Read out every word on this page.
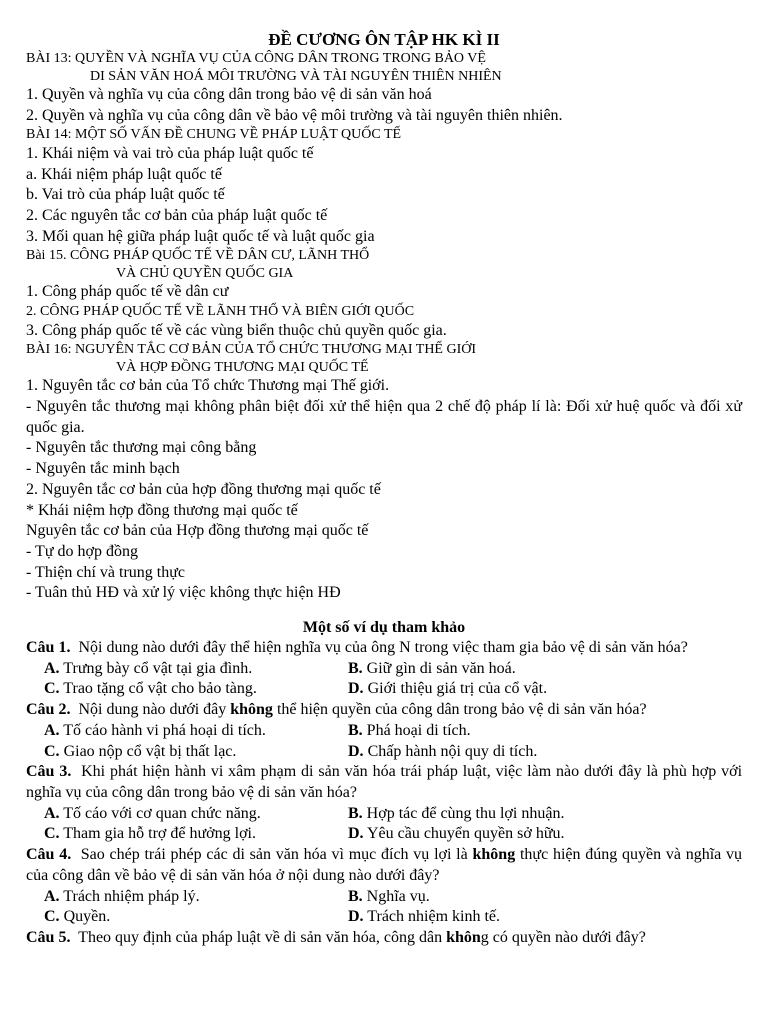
ĐỀ CƯƠNG ÔN TẬP HK KÌ II

BÀI 13: QUYỀN VÀ NGHĨA VỤ CỦA CÔNG DÂN TRONG TRONG BẢO VỆ

DI SẢN VĂN HOÁ MÔI TRƯỜNG VÀ TÀI NGUYÊN THIÊN NHIÊN

1. Quyền và nghĩa vụ của công dân trong bảo vệ di sản văn hoá

2. Quyền và nghĩa vụ của công dân về bảo vệ môi trường và tài nguyên thiên nhiên.

BÀI 14: MỘT SỐ VẤN ĐỀ CHUNG VỀ PHÁP LUẬT QUỐC TẾ

1. Khái niệm và vai trò của pháp luật quốc tế

a. Khái niệm pháp luật quốc tế

b. Vai trò của pháp luật quốc tế

2. Các nguyên tắc cơ bản của pháp luật quốc tế

3. Mối quan hệ giữa pháp luật quốc tế và luật quốc gia

Bài 15. CÔNG PHÁP QUỐC TẾ VỀ DÂN CƯ, LÃNH THỔ

VÀ CHỦ QUYỀN QUỐC GIA

1. Công pháp quốc tế về dân cư

2. CÔNG PHÁP QUỐC TẾ VỀ LÃNH THỔ VÀ BIÊN GIỚI QUỐC

3. Công pháp quốc tế về các vùng biển thuộc chủ quyền quốc gia.

BÀI 16: NGUYÊN TẮC CƠ BẢN CỦA TỔ CHỨC THƯƠNG MẠI THẾ GIỚI

VÀ HỢP ĐỒNG THƯƠNG MẠI QUỐC TẾ

1. Nguyên tắc cơ bản của Tổ chức Thương mại Thế giới.

- Nguyên tắc thương mại không phân biệt đối xử thể hiện qua 2 chế độ pháp lí là: Đối xử huệ quốc và đối xử quốc gia.

- Nguyên tắc thương mại công bằng

- Nguyên tắc minh bạch

2. Nguyên tắc cơ bản của hợp đồng thương mại quốc tế

* Khái niệm hợp đồng thương mại quốc tế

Nguyên tắc cơ bản của Hợp đồng thương mại quốc tế

- Tự do hợp đồng

- Thiện chí và trung thực

- Tuân thủ HĐ và xử lý việc không thực hiện HĐ

Một số ví dụ tham khảo

Câu 1. Nội dung nào dưới đây thể hiện nghĩa vụ của ông N trong việc tham gia bảo vệ di sản văn hóa?

A. Trưng bày cổ vật tại gia đình.	B. Giữ gìn di sản văn hoá.
C. Trao tặng cổ vật cho bảo tàng.	D. Giới thiệu giá trị của cổ vật.

Câu 2. Nội dung nào dưới đây không thể hiện quyền của công dân trong bảo vệ di sản văn hóa?

A. Tố cáo hành vi phá hoại di tích.	B. Phá hoại di tích.
C. Giao nộp cổ vật bị thất lạc.	D. Chấp hành nội quy di tích.

Câu 3. Khi phát hiện hành vi xâm phạm di sản văn hóa trái pháp luật, việc làm nào dưới đây là phù hợp với nghĩa vụ của công dân trong bảo vệ di sản văn hóa?

A. Tố cáo với cơ quan chức năng.	B. Hợp tác để cùng thu lợi nhuận.
C. Tham gia hỗ trợ để hưởng lợi.	D. Yêu cầu chuyển quyền sở hữu.

Câu 4. Sao chép trái phép các di sản văn hóa vì mục đích vụ lợi là không thực hiện đúng quyền và nghĩa vụ của công dân về bảo vệ di sản văn hóa ở nội dung nào dưới đây?

A. Trách nhiệm pháp lý.	B. Nghĩa vụ.
C. Quyền.	D. Trách nhiệm kinh tế.

Câu 5. Theo quy định của pháp luật về di sản văn hóa, công dân không có quyền nào dưới đây?
